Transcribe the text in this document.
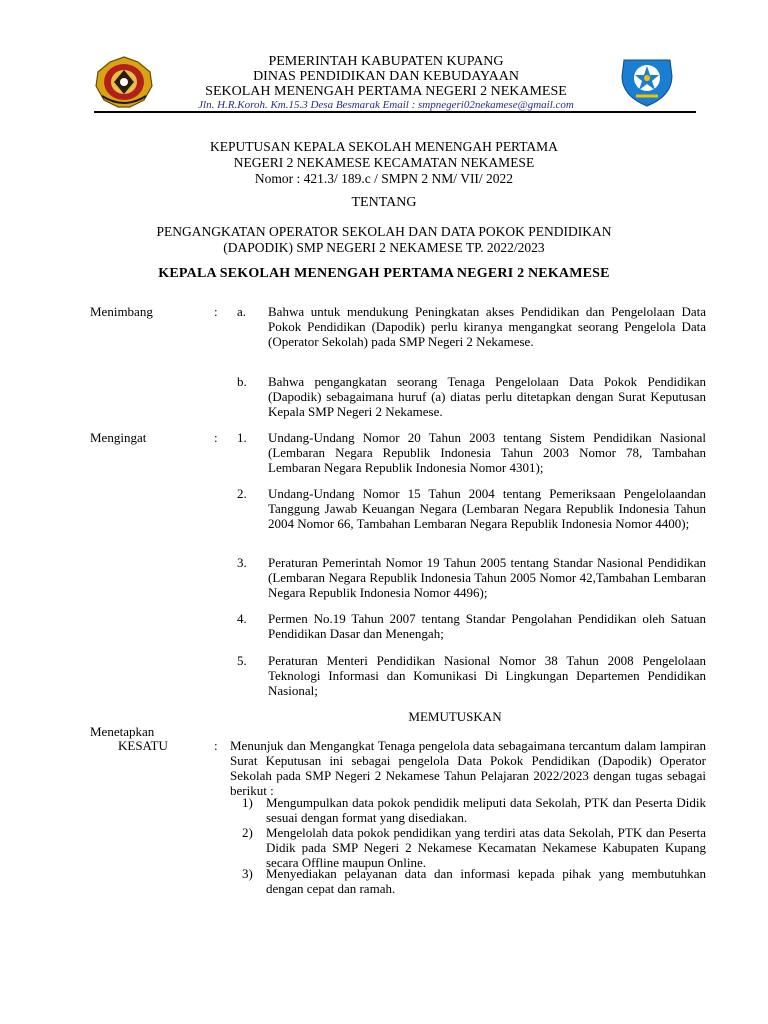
PEMERINTAH KABUPATEN KUPANG
DINAS PENDIDIKAN DAN KEBUDAYAAN
SEKOLAH MENENGAH PERTAMA NEGERI 2 NEKAMESE
Jln. H.R.Koroh. Km.15.3 Desa Besmarak Email : smpnegeri02nekamese@gmail.com
KEPUTUSAN KEPALA SEKOLAH MENENGAH PERTAMA
NEGERI 2 NEKAMESE KECAMATAN NEKAMESE
Nomor : 421.3/ 189.c / SMPN 2 NM/ VII/ 2022
TENTANG
PENGANGKATAN OPERATOR SEKOLAH DAN DATA POKOK PENDIDIKAN
(DAPODIK) SMP NEGERI 2 NEKAMESE TP. 2022/2023
KEPALA SEKOLAH MENENGAH PERTAMA NEGERI 2 NEKAMESE
Menimbang	: a. Bahwa untuk mendukung Peningkatan akses Pendidikan dan Pengelolaan Data Pokok Pendidikan (Dapodik) perlu kiranya mengangkat seorang Pengelola Data (Operator Sekolah) pada SMP Negeri 2 Nekamese.
b. Bahwa pengangkatan seorang Tenaga Pengelolaan Data Pokok Pendidikan (Dapodik) sebagaimana huruf (a) diatas perlu ditetapkan dengan Surat Keputusan Kepala SMP Negeri 2 Nekamese.
Mengingat	: 1. Undang-Undang Nomor 20 Tahun 2003 tentang Sistem Pendidikan Nasional (Lembaran Negara Republik Indonesia Tahun 2003 Nomor 78, Tambahan Lembaran Negara Republik Indonesia Nomor 4301);
2. Undang-Undang Nomor 15 Tahun 2004 tentang Pemeriksaan Pengelolaandan Tanggung Jawab Keuangan Negara (Lembaran Negara Republik Indonesia Tahun 2004 Nomor 66, Tambahan Lembaran Negara Republik Indonesia Nomor 4400);
3. Peraturan Pemerintah Nomor 19 Tahun 2005 tentang Standar Nasional Pendidikan (Lembaran Negara Republik Indonesia Tahun 2005 Nomor 42,Tambahan Lembaran Negara Republik Indonesia Nomor 4496);
4. Permen No.19 Tahun 2007 tentang Standar Pengolahan Pendidikan oleh Satuan Pendidikan Dasar dan Menengah;
5. Peraturan Menteri Pendidikan Nasional Nomor 38 Tahun 2008 Pengelolaan Teknologi Informasi dan Komunikasi Di Lingkungan Departemen Pendidikan Nasional;
MEMUTUSKAN
Menetapkan
KESATU	: Menunjuk dan Mengangkat Tenaga pengelola data sebagaimana tercantum dalam lampiran Surat Keputusan ini sebagai pengelola Data Pokok Pendidikan (Dapodik) Operator Sekolah pada SMP Negeri 2 Nekamese Tahun Pelajaran 2022/2023 dengan tugas sebagai berikut :
1) Mengumpulkan data pokok pendidik meliputi data Sekolah, PTK dan Peserta Didik sesuai dengan format yang disediakan.
2) Mengelolah data pokok pendidikan yang terdiri atas data Sekolah, PTK dan Peserta Didik pada SMP Negeri 2 Nekamese Kecamatan Nekamese Kabupaten Kupang secara Offline maupun Online.
3) Menyediakan pelayanan data dan informasi kepada pihak yang membutuhkan dengan cepat dan ramah.
